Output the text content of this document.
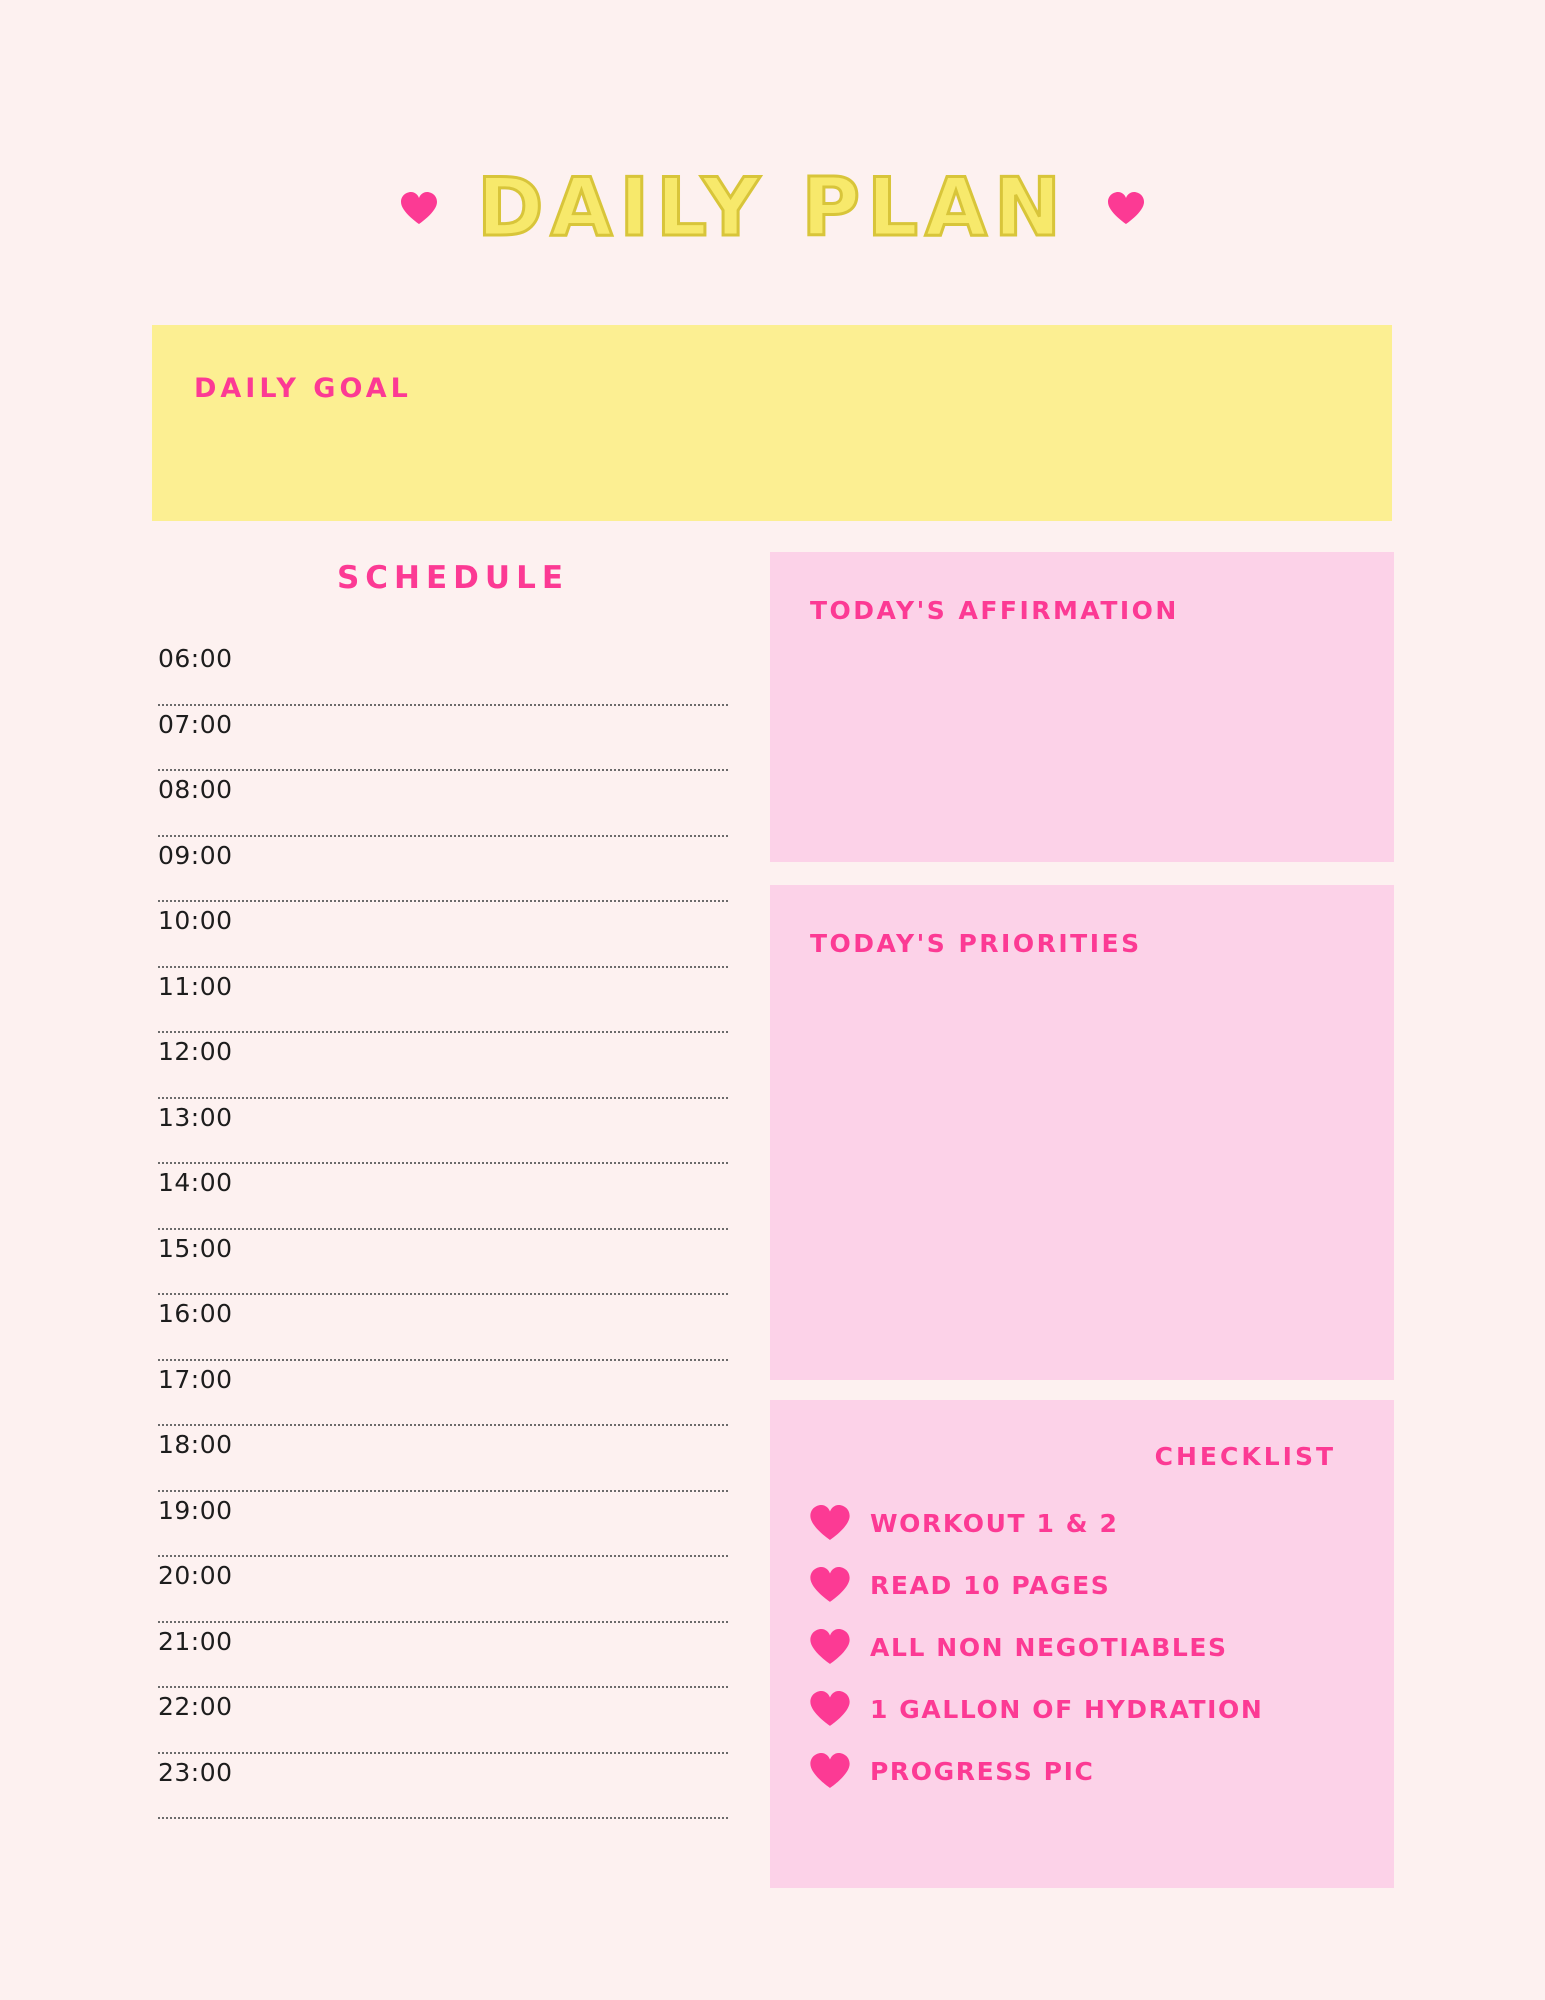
DAILY PLAN
DAILY GOAL
SCHEDULE
06:00
07:00
08:00
09:00
10:00
11:00
12:00
13:00
14:00
15:00
16:00
17:00
18:00
19:00
20:00
21:00
22:00
23:00
TODAY'S AFFIRMATION
TODAY'S PRIORITIES
CHECKLIST
WORKOUT 1 & 2
READ 10 PAGES
ALL NON NEGOTIABLES
1 GALLON OF HYDRATION
PROGRESS PIC
